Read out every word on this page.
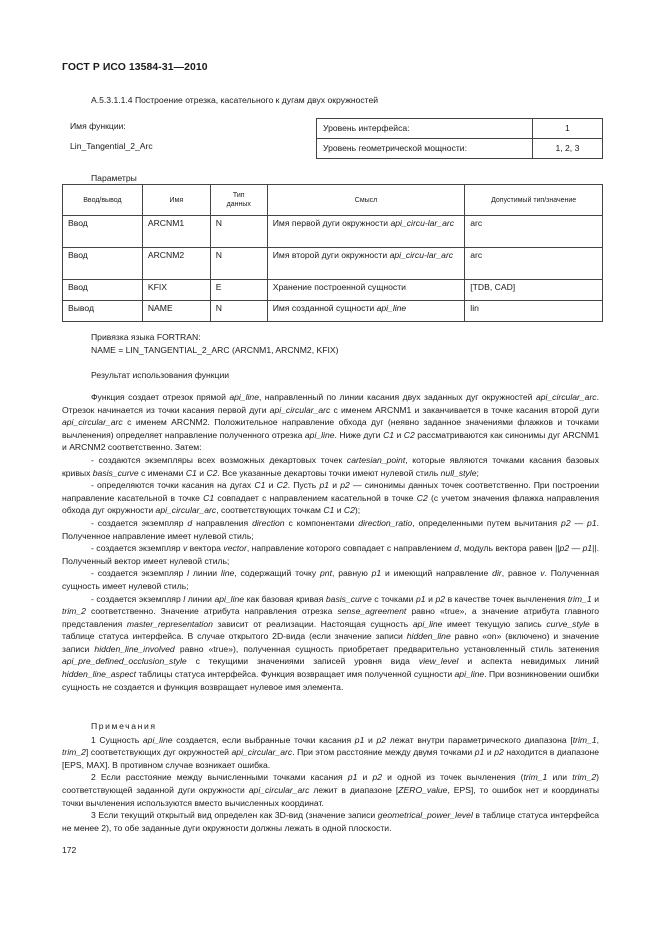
ГОСТ Р ИСО 13584-31—2010
A.5.3.1.1.4 Построение отрезка, касательного к дугам двух окружностей
Имя функции:
Lin_Tangential_2_Arc
Уровень интерфейса:	1
Уровень геометрической мощности:	1, 2, 3
Параметры
Ввод/вывод	Имя	Тип данных	Смысл	Допустимый тип/значение
Ввод	ARCNM1	N	Имя первой дуги окружности api_circu-lar_arc	arc
Ввод	ARCNM2	N	Имя второй дуги окружности api_circu-lar_arc	arc
Ввод	KFIX	E	Хранение построенной сущности	[TDB, CAD]
Вывод	NAME	N	Имя созданной сущности api_line	lin
Привязка языка FORTRAN:
NAME = LIN_TANGENTIAL_2_ARC (ARCNM1, ARCNM2, KFIX)
Результат использования функции

Функция создает отрезок прямой api_line, направленный по линии касания двух заданных дуг окружностей api_circular_arc. Отрезок начинается из точки касания первой дуги api_circular_arc с именем ARCNM1 и заканчивается в точке касания второй дуги api_circular_arc с именем ARCNM2. Положительное направление обхода дуг (неявно заданное значениями флажков и точками вычленения) определяет направление полученного отрезка api_line. Ниже дуги C1 и C2 рассматриваются как синонимы дуг ARCNM1 и ARCNM2 соответственно. Затем:

- создаются экземпляры всех возможных декартовых точек cartesian_point, которые являются точками касания базовых кривых basis_curve с именами C1 и C2. Все указанные декартовы точки имеют нулевой стиль null_style;

- определяются точки касания на дугах C1 и C2. Пусть p1 и p2 — синонимы данных точек соответственно. При построении направление касательной в точке C1 совпадает с направлением касательной в точке C2 (с учетом значения флажка направления обхода дуг окружности api_circular_arc, соответствующих точкам C1 и C2);

- создается экземпляр d направления direction с компонентами direction_ratio, определенными путем вычитания p2 — p1. Полученное направление имеет нулевой стиль;

- создается экземпляр v вектора vector, направление которого совпадает с направлением d, модуль вектора равен ||p2 — p1||. Полученный вектор имеет нулевой стиль;

- создается экземпляр l линии line, содержащий точку pnt, равную p1 и имеющий направление dir, равное v. Полученная сущность имеет нулевой стиль;

- создается экземпляр l линии api_line как базовая кривая basis_curve с точками p1 и p2 в качестве точек вычленения trim_1 и trim_2 соответственно. Значение атрибута направления отрезка sense_agreement равно «true», а значение атрибута главного представления master_representation зависит от реализации. Настоящая сущность api_line имеет текущую запись curve_style в таблице статуса интерфейса. В случае открытого 2D-вида (если значение записи hidden_line равно «on» (включено) и значение записи hidden_line_involved равно «true»), полученная сущность приобретает предварительно установленный стиль затенения api_pre_defined_occlusion_style с текущими значениями записей уровня вида view_level и аспекта невидимых линий hidden_line_aspect таблицы статуса интерфейса. Функция возвращает имя полученной сущности api_line. При возникновении ошибки сущность не создается и функция возвращает нулевое имя элемента.

Примечания

1 Сущность api_line создается, если выбранные точки касания p1 и p2 лежат внутри параметрического диапазона [trim_1, trim_2] соответствующих дуг окружностей api_circular_arc. При этом расстояние между двумя точками p1 и p2 находится в диапазоне [EPS, MAX]. В противном случае возникает ошибка.

2 Если расстояние между вычисленными точками касания p1 и p2 и одной из точек вычленения (trim_1 или trim_2) соответствующей заданной дуги окружности api_circular_arc лежит в диапазоне [ZERO_value, EPS], то ошибок нет и координаты точки вычленения используются вместо вычисленных координат.

3 Если текущий открытый вид определен как 3D-вид (значение записи geometrical_power_level в таблице статуса интерфейса не менее 2), то обе заданные дуги окружности должны лежать в одной плоскости.

172
